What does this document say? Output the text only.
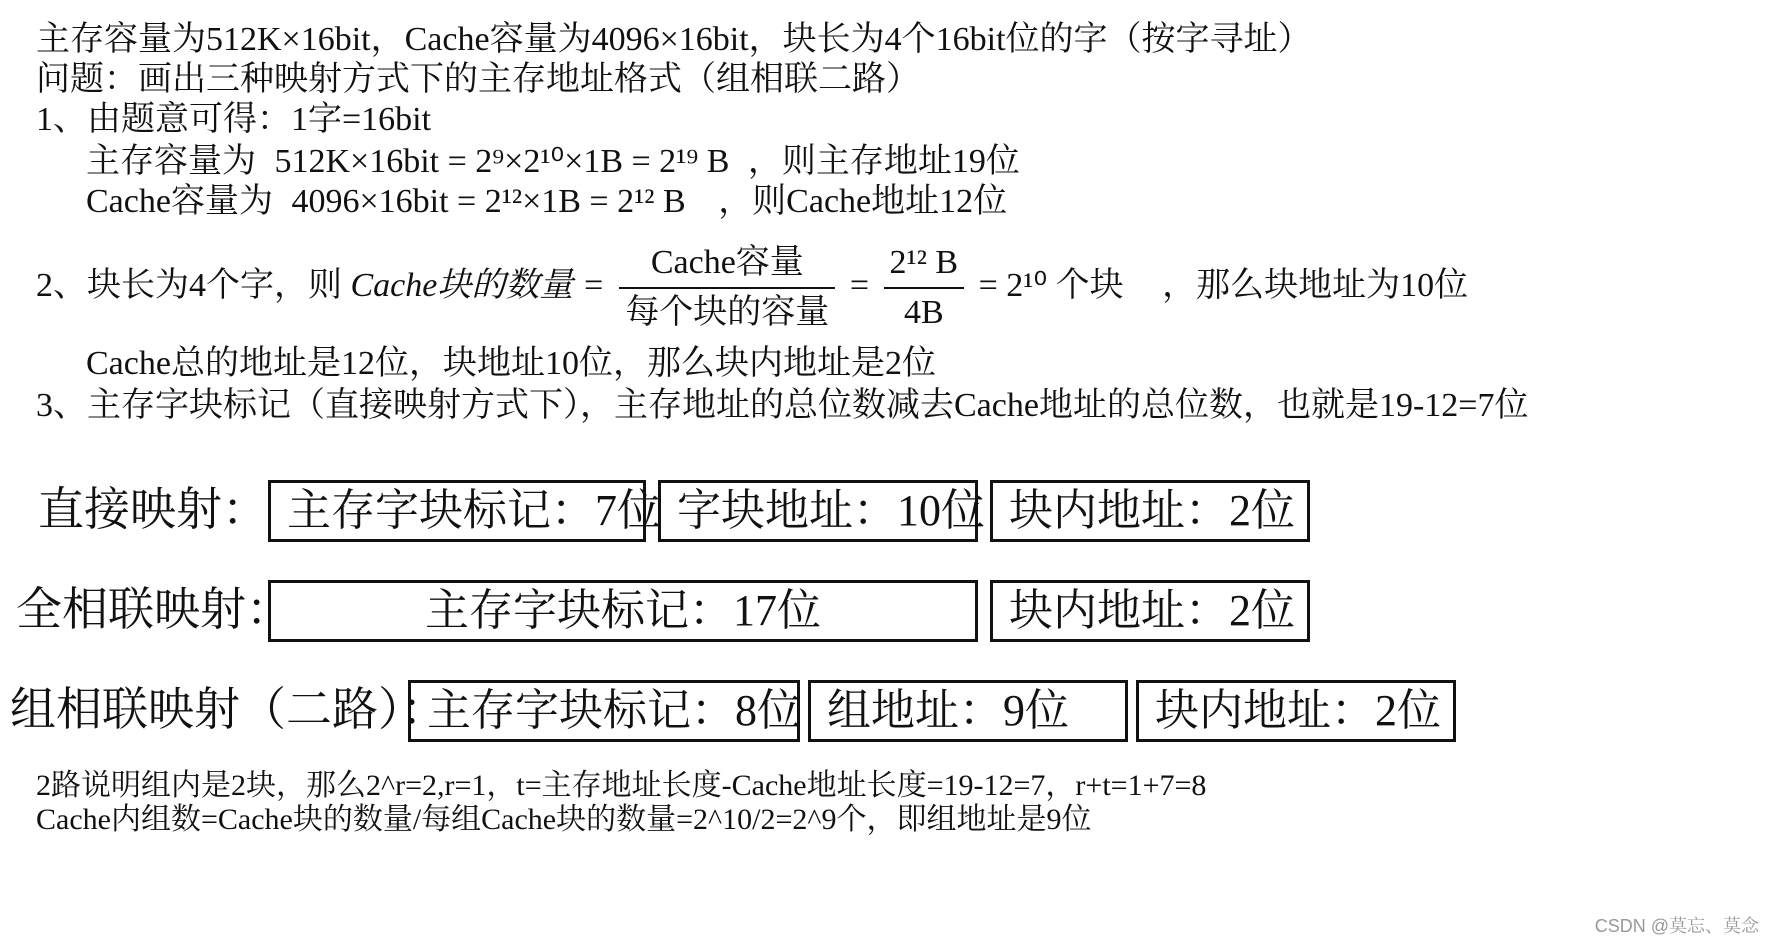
主存容量为512K×16bit，Cache容量为4096×16bit，块长为4个16bit位的字（按字寻址）
问题：画出三种映射方式下的主存地址格式（组相联二路）
1、由题意可得：1字=16bit
主存容量为 512K×16bit = 2⁹×2¹⁰×1B = 2¹⁹ B ，则主存地址19位
Cache容量为 4096×16bit = 2¹²×1B = 2¹² B ，则Cache地址12位
2、块长为4个字，则 Cache块的数量 = $\frac{\text{Cache容量}}{\text{每个块的容量}} = \frac{\text{2¹² B}}{4B} = 2^{10}$ 个块 ，那么块地址为10位
Cache总的地址是12位，块地址10位，那么块内地址是2位
3、主存字块标记（直接映射方式下），主存地址的总位数减去Cache地址的总位数，也就是19-12=7位
直接映射： 主存字块标记：7位 字块地址：10位 块内地址：2位
全相联映射：	主存字块标记：17位	块内地址：2位
组相联映射（二路）：
主存字块标记：8位 组地址：9位	块内地址：2位
2路说明组内是2块，那么2^r=2,r=1，t=主存地址长度-Cache地址长度=19-12=7，r+t=1+7=8
Cache内组数=Cache块的数量/每组Cache块的数量=2^10/2=2^9个，即组地址是9位
CSDN @莫忘、莫念
